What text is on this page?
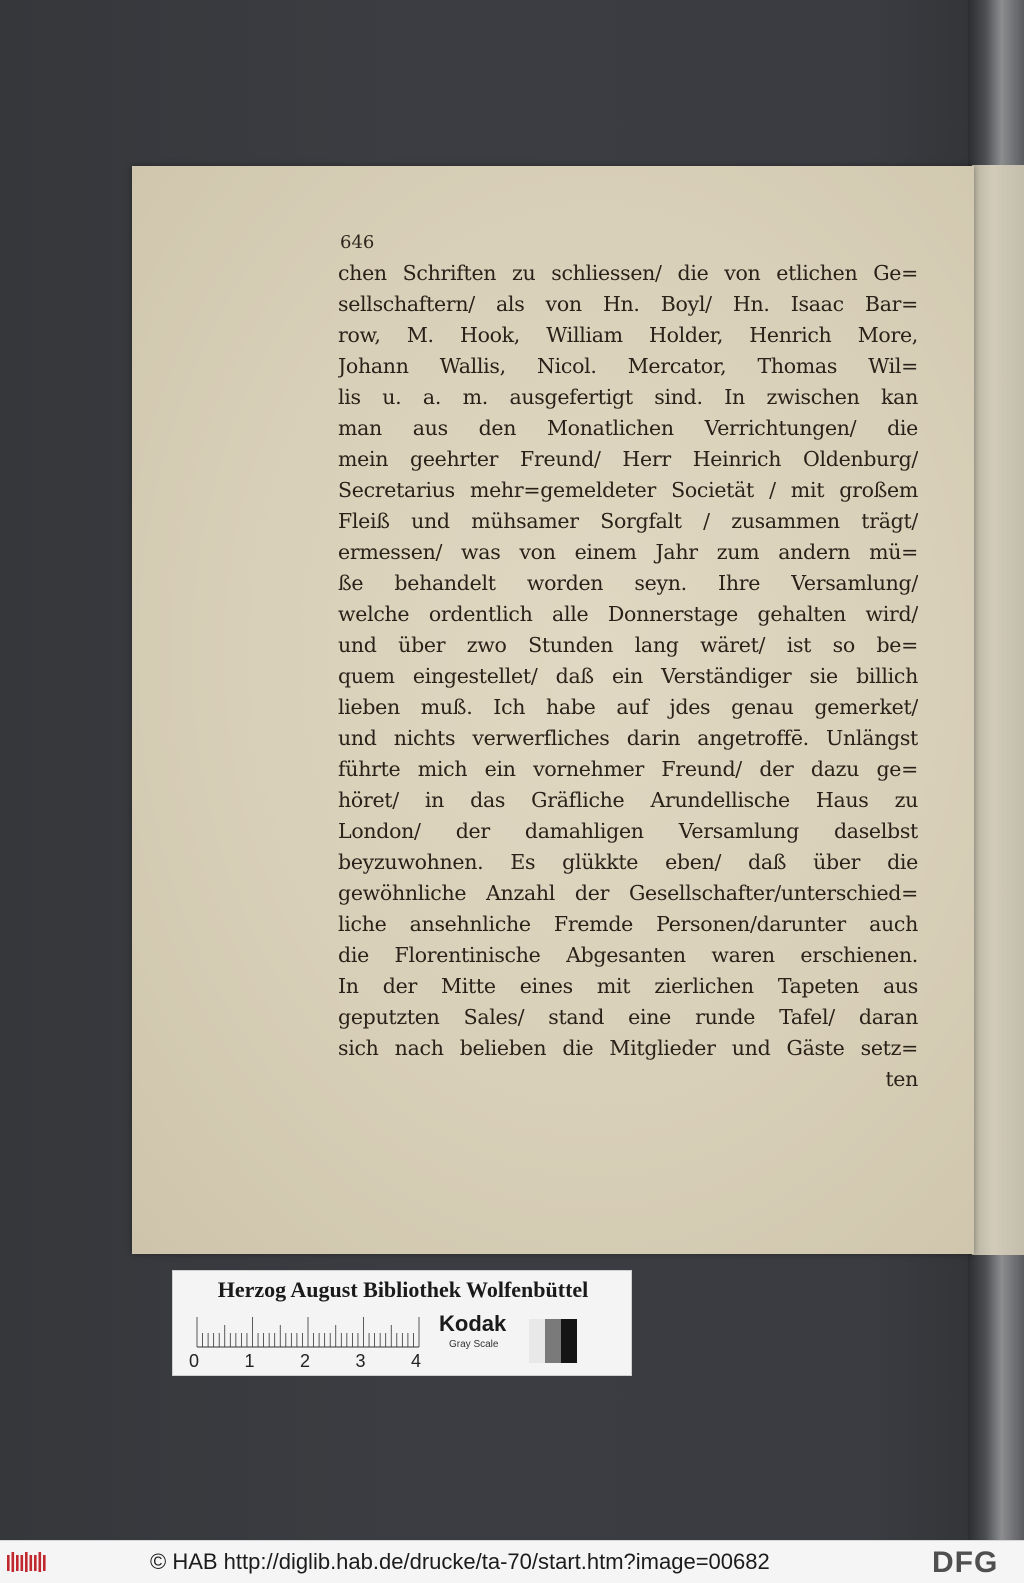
646

chen Schriften zu schliessen/ die von etlichen Ge=
sellschaftern/ als von Hn. Boyl/ Hn. Isaac Bar=
row, M. Hook, William Holder, Henrich More,
Johann Wallis, Nicol. Mercator, Thomas Wil=
lis u. a. m. ausgefertigt sind. In zwischen kan
man aus den Monatlichen Verrichtungen/ die
mein geehrter Freund/ Herr Heinrich Oldenburg/
Secretarius mehr=gemeldeter Societät / mit großem
Fleiß und mühsamer Sorgfalt / zusammen trägt/
ermessen/ was von einem Jahr zum andern mü=
ße behandelt worden seyn. Ihre Versamlung/
welche ordentlich alle Donnerstage gehalten wird/
und über zwo Stunden lang wäret/ ist so be=
quem eingestellet/ daß ein Verständiger sie billich
lieben muß. Ich habe auf jdes genau gemerket/
und nichts verwerfliches darin angetroffē. Unlängst
führte mich ein vornehmer Freund/ der dazu ge=
höret/ in das Gräfliche Arundellische Haus zu
London/ der damahligen Versamlung daselbst
beyzuwohnen. Es glükkte eben/ daß über die
gewöhnliche Anzahl der Gesellschafter/unterschied=
liche ansehnliche Fremde Personen/darunter auch
die Florentinische Abgesanten waren erschienen.
In der Mitte eines mit zierlichen Tapeten aus
geputzten Sales/ stand eine runde Tafel/ daran
sich nach belieben die Mitglieder und Gäste setz=
ten

Herzog August Bibliothek Wolfenbüttel

0	1	2	3	4
Kodak
Gray Scale
© HAB http://diglib.hab.de/drucke/ta-70/start.htm?image=00682	DFG
